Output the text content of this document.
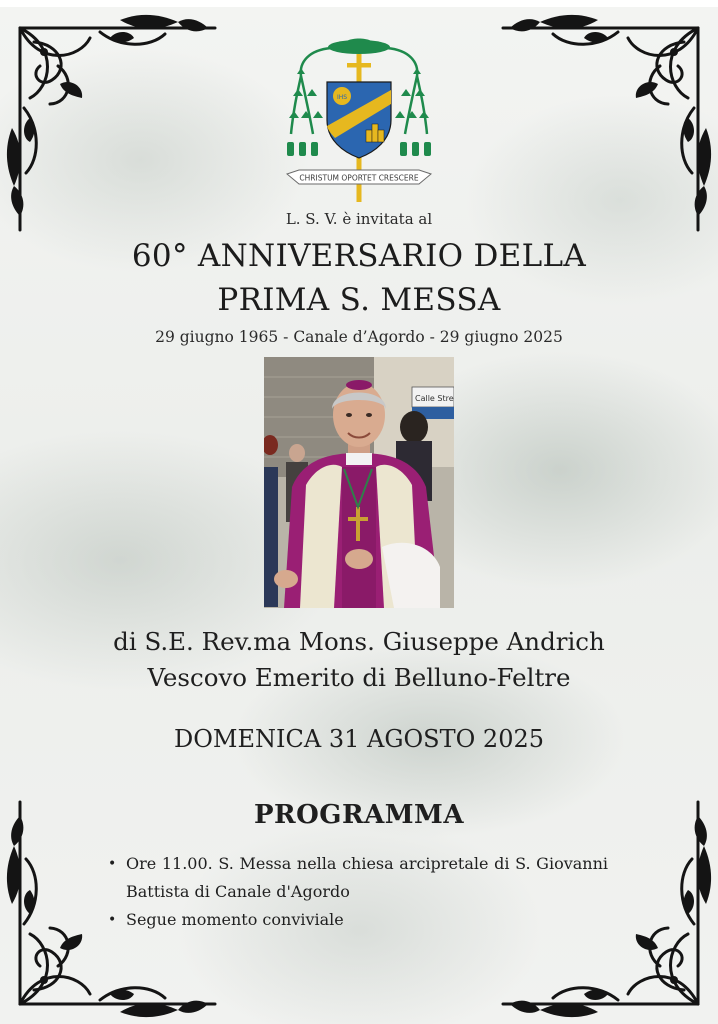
IHS
CHRISTUM OPORTET CRESCERE

L. S. V. è invitata al

60° ANNIVERSARIO DELLA
PRIMA S. MESSA

29 giugno 1965 - Canale d’Agordo - 29 giugno 2025

Calle Stre

di S.E. Rev.ma Mons. Giuseppe Andrich

Vescovo Emerito di Belluno-Feltre

DOMENICA 31 AGOSTO 2025

PROGRAMMA
• Ore 11.00. S. Messa nella chiesa arcipretale di S. Giovanni Battista di Canale d'Agordo
• Segue momento conviviale
